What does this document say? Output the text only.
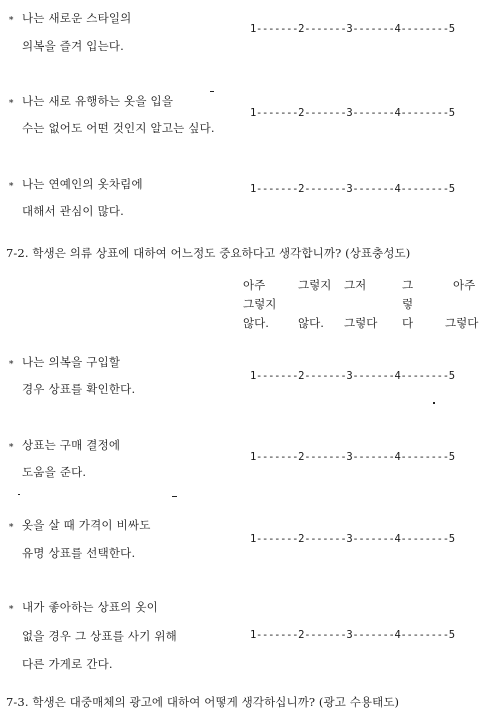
∗ 나는 새로운 스타일의
의복을 즐겨 입는다.
1-------2-------3-------4--------5
∗ 나는 새로 유행하는 옷을 입을
수는 없어도 어떤 것인지 알고는 싶다.
1-------2-------3-------4--------5
∗ 나는 연예인의 옷차림에
대해서 관심이 많다.
1-------2-------3-------4--------5
7-2. 학생은 의류 상표에 대하여 어느정도 중요하다고 생각합니까? (상표충성도)
아주
그렇지
않다.
그렇지
않다.
그저
그렇다
그
렇
다
아주
그렇다
∗ 나는 의복을 구입할
경우 상표를 확인한다.
1-------2-------3-------4--------5
∗ 상표는 구매 결정에
도움을 준다.
1-------2-------3-------4--------5
∗ 옷을 살 때 가격이 비싸도
유명 상표를 선택한다.
1-------2-------3-------4--------5
∗ 내가 좋아하는 상표의 옷이
없을 경우 그 상표를 사기 위해
다른 가게로 간다.
1-------2-------3-------4--------5
7-3. 학생은 대중매체의 광고에 대하여 어떻게 생각하십니까? (광고 수용태도)
